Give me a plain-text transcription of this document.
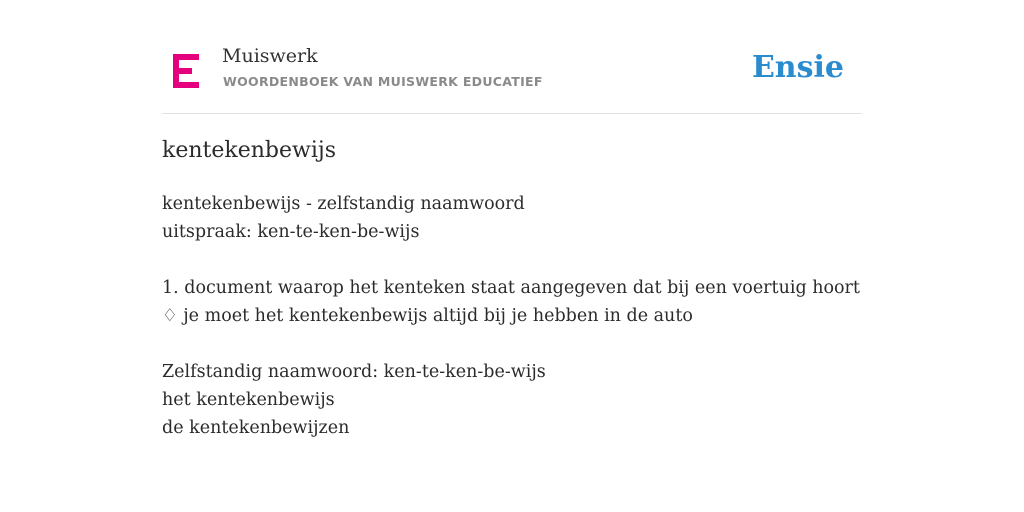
Muiswerk
WOORDENBOEK VAN MUISWERK EDUCATIEF	Ensie
kentekenbewijs
kentekenbewijs - zelfstandig naamwoord
uitspraak: ken-te-ken-be-wijs
1. document waarop het kenteken staat aangegeven dat bij een voertuig hoort
♢ je moet het kentekenbewijs altijd bij je hebben in de auto
Zelfstandig naamwoord: ken-te-ken-be-wijs
het kentekenbewijs
de kentekenbewijzen
